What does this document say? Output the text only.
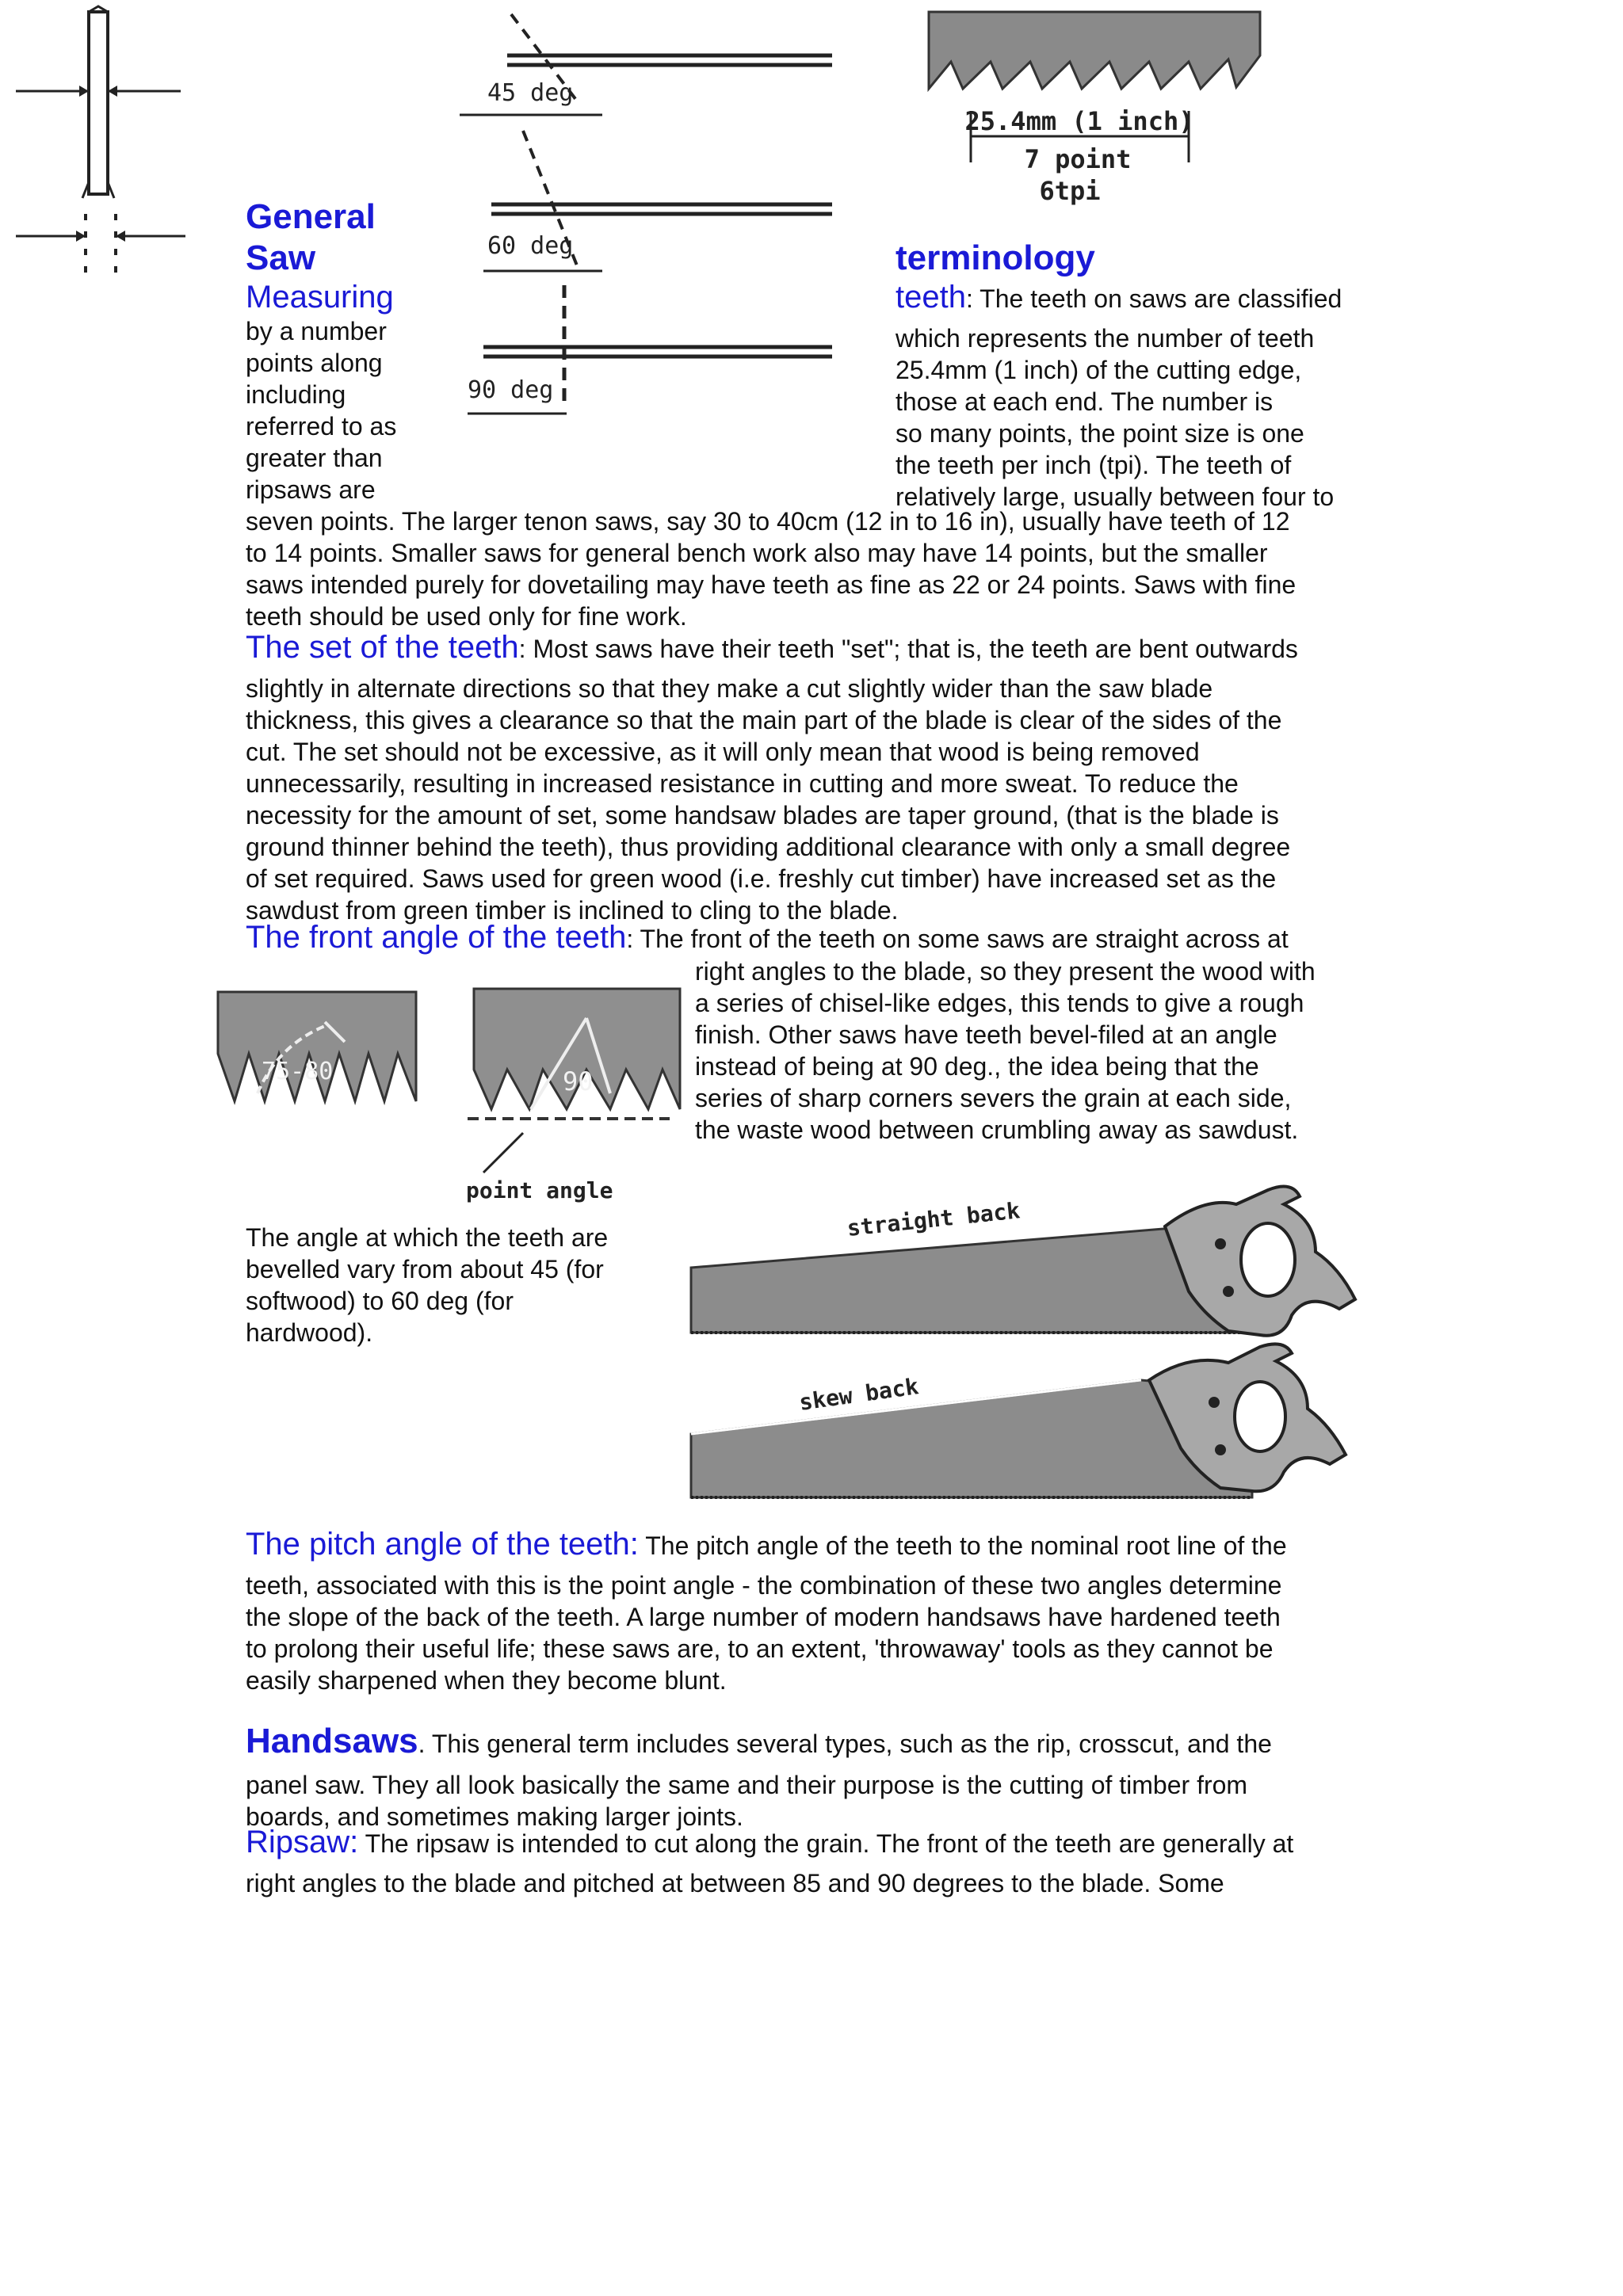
45 deg
60 deg
90 deg
25.4mm (1 inch)
7 point
6tpi
General
Saw	terminology
Measuring
by a number
points along
including
referred to as
greater than
ripsaws are
teeth: The teeth on saws are classified
which represents the number of teeth
25.4mm (1 inch) of the cutting edge,
those at each end. The number is
so many points, the point size is one
the teeth per inch (tpi). The teeth of
relatively large, usually between four to
seven points. The larger tenon saws, say 30 to 40cm (12 in to 16 in), usually have teeth of 12
to 14 points. Smaller saws for general bench work also may have 14 points, but the smaller
saws intended purely for dovetailing may have teeth as fine as 22 or 24 points. Saws with fine
teeth should be used only for fine work.
The set of the teeth: Most saws have their teeth "set"; that is, the teeth are bent outwards
slightly in alternate directions so that they make a cut slightly wider than the saw blade
thickness, this gives a clearance so that the main part of the blade is clear of the sides of the
cut. The set should not be excessive, as it will only mean that wood is being removed
unnecessarily, resulting in increased resistance in cutting and more sweat. To reduce the
necessity for the amount of set, some handsaw blades are taper ground, (that is the blade is
ground thinner behind the teeth), thus providing additional clearance with only a small degree
of set required. Saws used for green wood (i.e. freshly cut timber) have increased set as the
sawdust from green timber is inclined to cling to the blade.
The front angle of the teeth: The front of the teeth on some saws are straight across at
right angles to the blade, so they present the wood with
a series of chisel-like edges, this tends to give a rough
finish. Other saws have teeth bevel-filed at an angle
instead of being at 90 deg., the idea being that the
series of sharp corners severs the grain at each side,
the waste wood between crumbling away as sawdust.
75-80	90
point angle
The angle at which the teeth are
bevelled vary from about 45 (for
softwood) to 60 deg (for
hardwood).
straight back
skew back
The pitch angle of the teeth: The pitch angle of the teeth to the nominal root line of the
teeth, associated with this is the point angle - the combination of these two angles determine
the slope of the back of the teeth. A large number of modern handsaws have hardened teeth
to prolong their useful life; these saws are, to an extent, 'throwaway' tools as they cannot be
easily sharpened when they become blunt.
Handsaws. This general term includes several types, such as the rip, crosscut, and the
panel saw. They all look basically the same and their purpose is the cutting of timber from
boards, and sometimes making larger joints.
Ripsaw: The ripsaw is intended to cut along the grain. The front of the teeth are generally at
right angles to the blade and pitched at between 85 and 90 degrees to the blade. Some
